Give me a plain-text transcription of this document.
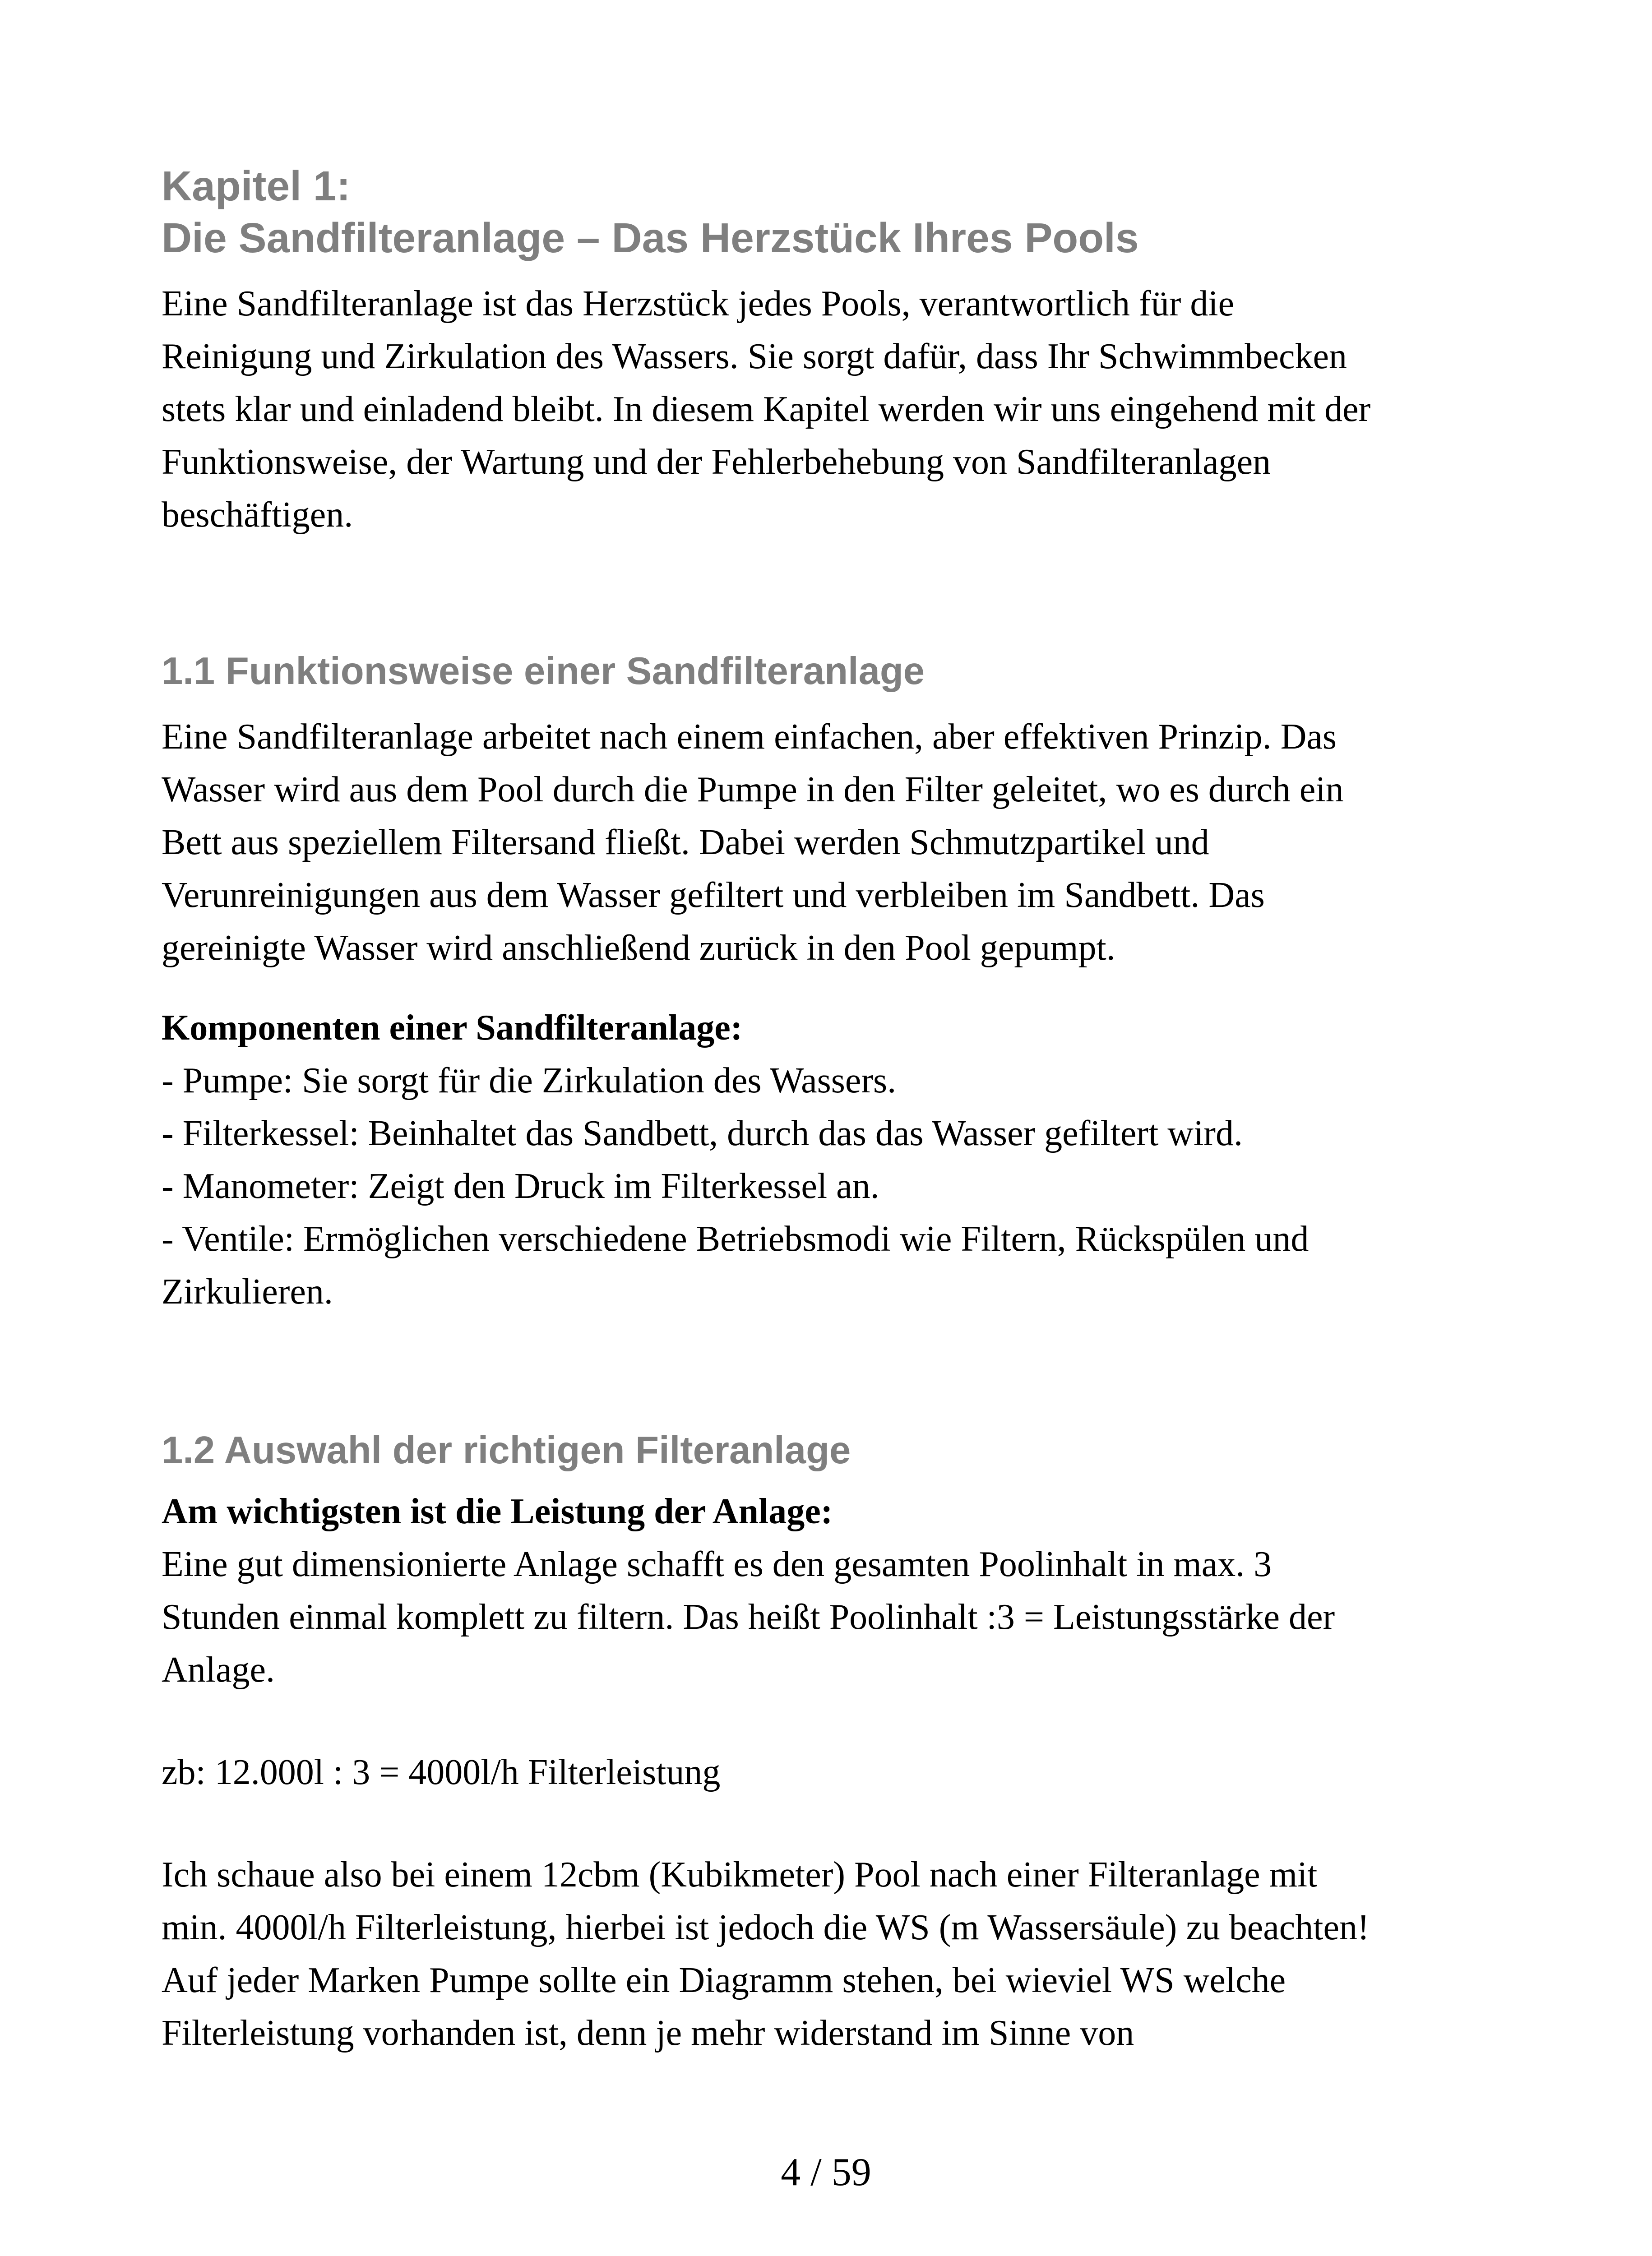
Kapitel 1:
Die Sandfilteranlage – Das Herzstück Ihres Pools

Eine Sandfilteranlage ist das Herzstück jedes Pools, verantwortlich für die
Reinigung und Zirkulation des Wassers. Sie sorgt dafür, dass Ihr Schwimmbecken
stets klar und einladend bleibt. In diesem Kapitel werden wir uns eingehend mit der
Funktionsweise, der Wartung und der Fehlerbehebung von Sandfilteranlagen
beschäftigen.

1.1 Funktionsweise einer Sandfilteranlage

Eine Sandfilteranlage arbeitet nach einem einfachen, aber effektiven Prinzip. Das
Wasser wird aus dem Pool durch die Pumpe in den Filter geleitet, wo es durch ein
Bett aus speziellem Filtersand fließt. Dabei werden Schmutzpartikel und
Verunreinigungen aus dem Wasser gefiltert und verbleiben im Sandbett. Das
gereinigte Wasser wird anschließend zurück in den Pool gepumpt.

Komponenten einer Sandfilteranlage:
- Pumpe: Sie sorgt für die Zirkulation des Wassers.
- Filterkessel: Beinhaltet das Sandbett, durch das das Wasser gefiltert wird.
- Manometer: Zeigt den Druck im Filterkessel an.
- Ventile: Ermöglichen verschiedene Betriebsmodi wie Filtern, Rückspülen und
Zirkulieren.
1.2 Auswahl der richtigen Filteranlage
Am wichtigsten ist die Leistung der Anlage:
Eine gut dimensionierte Anlage schafft es den gesamten Poolinhalt in max. 3
Stunden einmal komplett zu filtern. Das heißt Poolinhalt :3 = Leistungsstärke der
Anlage.

zb: 12.000l : 3 = 4000l/h Filterleistung

Ich schaue also bei einem 12cbm (Kubikmeter) Pool nach einer Filteranlage mit
min. 4000l/h Filterleistung, hierbei ist jedoch die WS (m Wassersäule) zu beachten!
Auf jeder Marken Pumpe sollte ein Diagramm stehen, bei wieviel WS welche
Filterleistung vorhanden ist, denn je mehr widerstand im Sinne von

4 / 59
